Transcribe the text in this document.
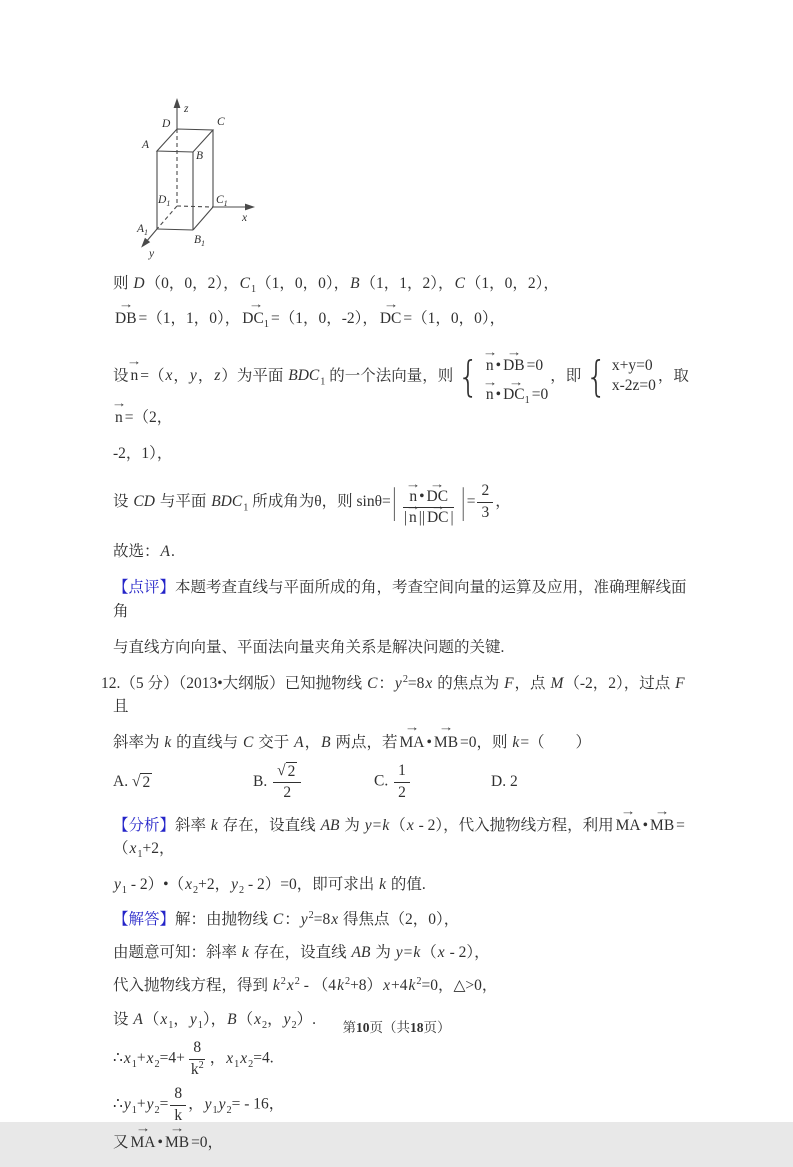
z
x
y
D	C
A
B
$D_1$	$C_1$
$A_1$
$B_1$
则 D（0，0，2），$C_1(1$，0，0），B（1，1，2），C（1，0，2），
→ DB =（1，1，0）， → $DC_1 =(1$，0，-2）， → DC =（1，0，0），
设 → n =（x，y，z）为平面 $BDC_1$ 的一个法向量，则
{ → n • → DB =0
→ n • → $DC_1 =0$
，即
{ x+y=0
x-2z=0
，取→ n =（2，
-2，1），
设 CD 与平面 $BDC_1$ 所成角为θ，则 sinθ= | → $\frac{n • \to DC}{| \to n || \to DC |}$ | = $\frac{2}{3}$ ，
故选：A.
【点评】本题考查直线与平面所成的角，考查空间向量的运算及应用，准确理解线面角
与直线方向向量、平面法向量夹角关系是解决问题的关键.
12.（5 分）（2013•大纲版）已知抛物线 C：$y^2=8x$ 的焦点为 F，点 M（-2，2），过点 F 且
斜率为 k 的直线与 C 交于 A，B 两点，若 → MA • → MB =0，则 k=（　　）
A. √ 2	B. $\frac{√ 2}{2}$	C. $\frac{1}{2}$	D. 2
【分析】斜率 k 存在，设直线 AB 为 y=k（x - 2），代入抛物线方程，利用 → MA • → MB $=(x_1+2$，
$y_1$ - $2)•(x_2+2$，$y_2 - 2)=0$，即可求出 k 的值.
【解答】解：由抛物线 C：$y^2=8x$ 得焦点（2，0），
由题意可知：斜率 k 存在，设直线 AB 为 y=k（x - 2），
代入抛物线方程，得到 $k^2x^2 - (4k^2+8)x+4k^2=0$，△>0，
设 $A(x_1$，$y_1$），$B(x_2$，$y_2$）.
$\therefore x_1+x_2=4+ \frac{8}{k^2}$ ，$x_1x_2=4$.
$\therefore y_1+y_2= \frac{8}{k}$ ，$y_1y_2= - 16$，
又 → MA • → MB =0，
第10页（共18页）
